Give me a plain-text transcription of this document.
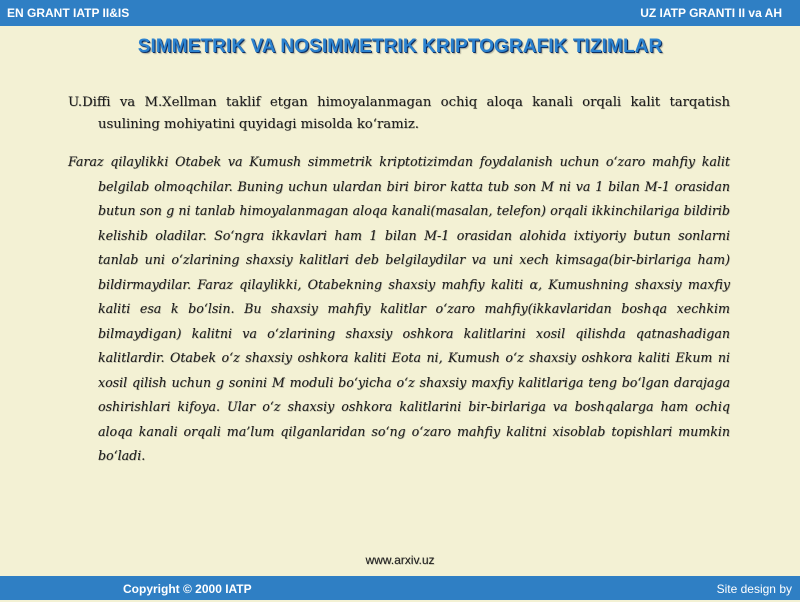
EN GRANT IATP II&IS	UZ IATP GRANTI II va AH
SIMMETRIK VA NOSIMMETRIK KRIPTOGRAFIK TIZIMLAR

U.Diffi va M.Xellman taklif etgan himoyalanmagan ochiq aloqa kanali orqali kalit tarqatish usulining mohiyatini quyidagi misolda ko‘ramiz.

Faraz qilaylikki Otabek va Kumush simmetrik kriptotizimdan foydalanish uchun o‘zaro mahfiy kalit belgilab olmoqchilar. Buning uchun ulardan biri biror katta tub son M ni va 1 bilan M-1 orasidan butun son g ni tanlab himoyalanmagan aloqa kanali(masalan, telefon) orqali ikkinchilariga bildirib kelishib oladilar. So‘ngra ikkavlari ham 1 bilan M-1 orasidan alohida ixtiyoriy butun sonlarni tanlab uni o‘zlarining shaxsiy kalitlari deb belgilaydilar va uni xech kimsaga(bir-birlariga ham) bildirmaydilar. Faraz qilaylikki, Otabekning shaxsiy mahfiy kaliti α, Kumushning shaxsiy maxfiy kaliti esa k bo‘lsin. Bu shaxsiy mahfiy kalitlar o‘zaro mahfiy(ikkavlaridan boshqa xechkim bilmaydigan) kalitni va o‘zlarining shaxsiy oshkora kalitlarini xosil qilishda qatnashadigan kalitlardir. Otabek o‘z shaxsiy oshkora kaliti Eota ni, Kumush o‘z shaxsiy oshkora kaliti Ekum ni xosil qilish uchun g sonini M moduli bo‘yicha o‘z shaxsiy maxfiy kalitlariga teng bo‘lgan darajaga oshirishlari kifoya. Ular o‘z shaxsiy oshkora kalitlarini bir-birlariga va boshqalarga ham ochiq aloqa kanali orqali ma’lum qilganlaridan so‘ng o‘zaro mahfiy kalitni xisoblab topishlari mumkin bo‘ladi.

www.arxiv.uz
Copyright © 2000 IATP	Site design by
